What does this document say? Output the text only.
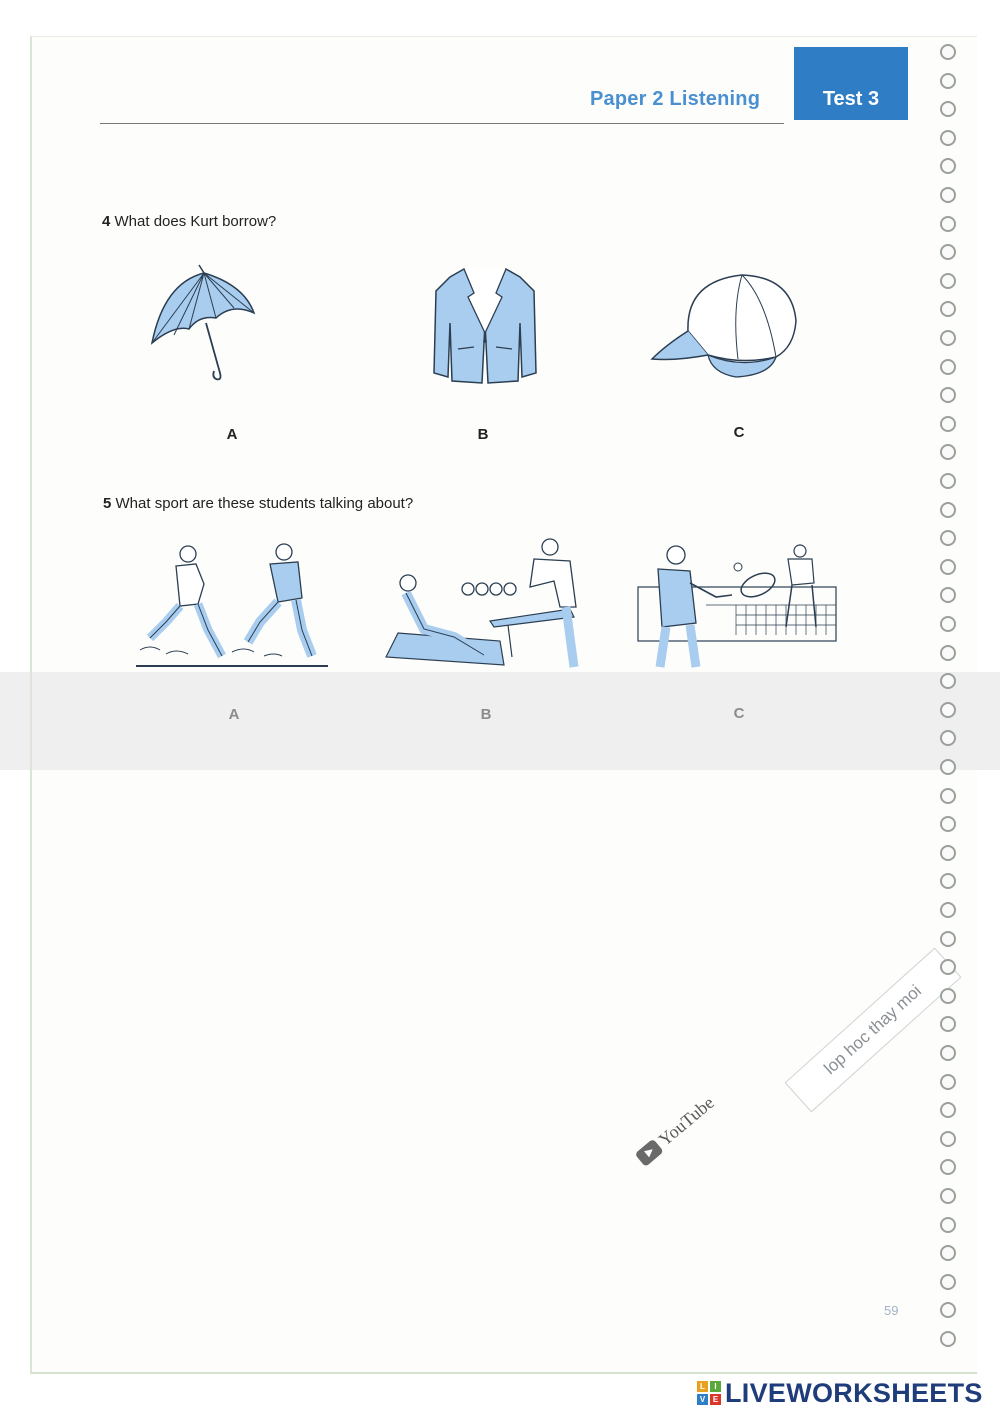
Paper 2 Listening	Test 3
4 What does Kurt borrow?
A	B	C
5 What sport are these students talking about?
59
lop hoc thay moi
YouTube
L	I
V E LIVEWORKSHEETS
